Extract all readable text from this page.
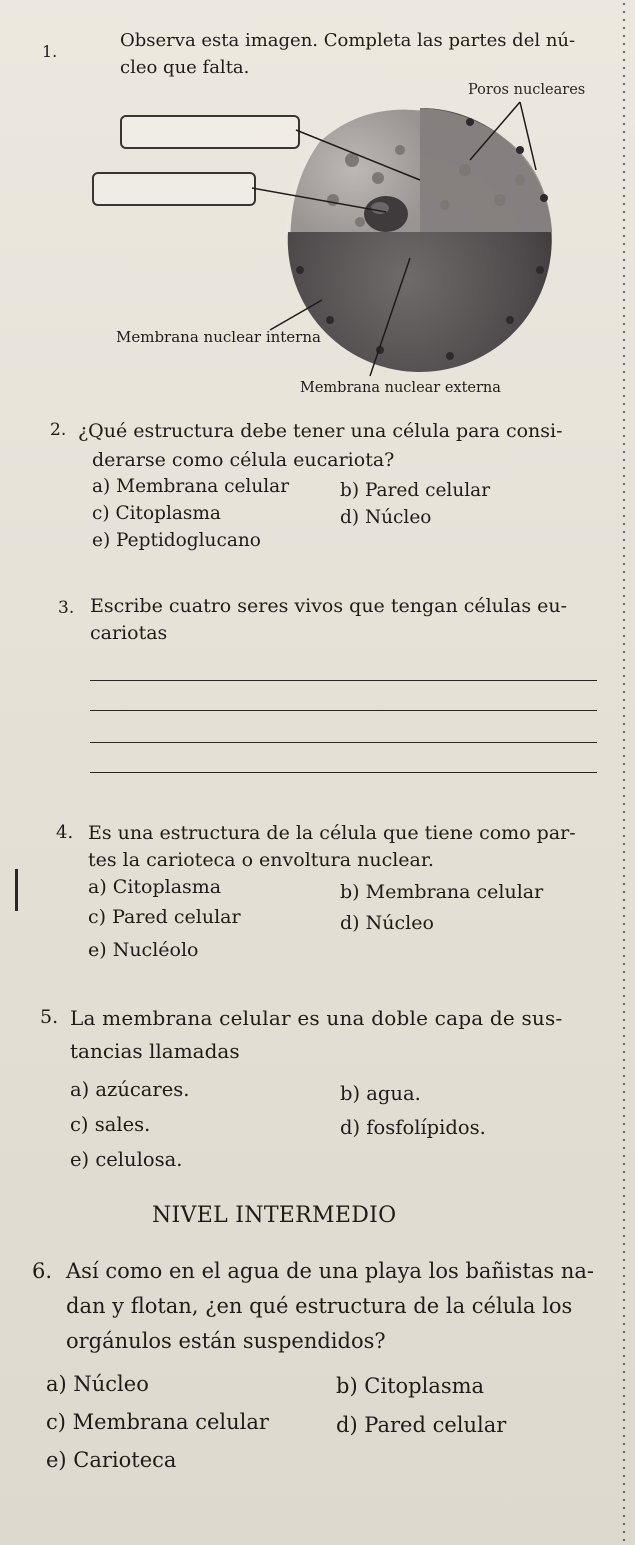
1.
Observa esta imagen. Completa las partes del nú-
cleo que falta.
Poros nucleares
Membrana nuclear interna
Membrana nuclear externa
2. ¿Qué estructura debe tener una célula para consi-
derarse como célula eucariota?
a) Membrana celular	b) Pared celular
c) Citoplasma	d) Núcleo
e) Peptidoglucano
3. Escribe cuatro seres vivos que tengan células eu-
cariotas
4. Es una estructura de la célula que tiene como par-
tes la carioteca o envoltura nuclear.
a) Citoplasma	b) Membrana celular
c) Pared celular	d) Núcleo
e) Nucléolo
5. La membrana celular es una doble capa de sus-
tancias llamadas
a) azúcares.	b) agua.
c) sales.	d) fosfolípidos.
e) celulosa.
NIVEL INTERMEDIO
6. Así como en el agua de una playa los bañistas na-
dan y flotan, ¿en qué estructura de la célula los
orgánulos están suspendidos?
a) Núcleo	b) Citoplasma
c) Membrana celular	d) Pared celular
e) Carioteca
